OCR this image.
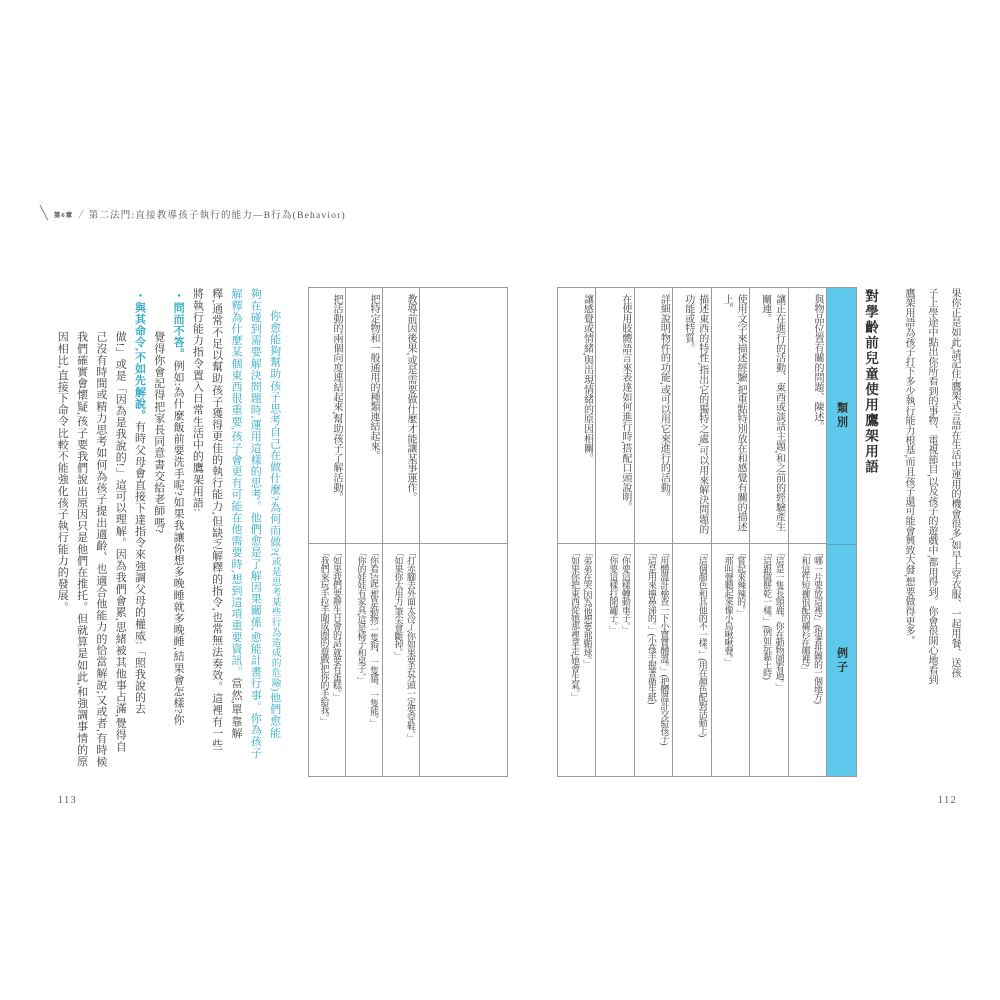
╲ 第6章 / 第二法門:直接教導孩子執行的能力—B行為(Behavior)
果你正是如此,請記住:鷹架式言語在生活中運用的機會很多,如早上穿衣服、一起用餐、送孩
子上學途中點出你所看到的事物、電視節目,以及孩子的遊戲中,都用得到。你會很開心地看到
鷹架用語為孩子打下多少執行能力根基,而且孩子還可能會興致大發,想要做得更多。
對學齡前兒童使用鷹架用語
類別
例子
與物品位置有關的問題、陳述。
「哪一片要放這裡?」(指著拼圖的一個地方)
「和這件短褲很配的襯衫在哪裡?」
讓正在進行的活動、東西或談話主題,和之前的經驗產生關連。
「這是一隻長頸鹿。你在動物園看過。」
「這跟做餅乾一樣。」(例如玩黏土時)
使用文字來描述經驗,把重點特別放在和感覺有關的描述上。
「嘗起來辣辣的。」
「那叫聲聽起來像小鳥啾啾聲。」
描述東西的特性,指出它的獨特之處,可以用來解決問題的功能或特質。
「這個顏色和其他的不一樣。」(用在顏色配對活動上)
詳細說明物件的功能,或可以用它來進行的活動。
「用體溫計檢查一下小寶寶體溫。」(把體溫計交給孩子)
「這是用來擤鼻涕的。」(小孩手握著衛生紙)
在使用肢體語言來表達如何進行時,搭配口頭說明。
「你要這樣轉動車子。」
「你要這樣打開罐子。」
讓感覺或情緒,與出現情緒的原因相關。
「弟弟在哭,因為他想要那顆球。」
「如果你把東西從她那裡拿走,她會生氣。」
112
教導前因後果,或是需要做什麼才能讓某事運作。
「打赤腳去外面太冷了,你如果要去外頭一定要穿鞋。」
「如果你太用力,筆尖會斷掉。」
把特定物和一般通用的種類連結起來。
「你看,這些都是動物:一隻狗、一隻貓、一隻熊。」
「你的娃娃有家具,這是椅子和桌子。」
把活動的兩個向度連結起來,幫助孩子了解活動。
「如果我們要辦生日會的話,就要有蛋糕。」
「我們來玩手拉手圍成圈的遊戲,把你的手給我。」
你愈能夠幫助孩子思考自己在做什麼?為何而做?(或是思考某些行為造成的危險)他們愈能
夠在碰到需要解決問題時,運用這樣的思考。他們愈是了解因果關係,愈能計畫行事。你為孩子
解釋為什麼某個東西很重要,孩子會更有可能在他需要時,想到這項重要資訊。當然,單靠解
釋,通常不足以幫助孩子獲得更佳的執行能力,但缺乏解釋的指令,也常無法奏效。這裡有一些
將執行能力指令置入日常生活中的鷹架用語:
・問而不答。例如:為什麼飯前要洗手呢?如果我讓你想多晚睡就多晚睡,結果會怎樣?你
覺得你會記得把家長同意書交給老師嗎?
・與其命令,不如先解說。有時父母會直接下達指令來強調父母的權威:「照我說的去
做!」或是「因為是我說的!」這可以理解。因為我們會累,思緒被其他事占滿,覺得自
己沒有時間或精力思考如何為孩子提出適齡、也適合他能力的恰當解說;又或者,有時候
我們確實會懷疑,孩子要我們說出原因只是他們在推托。但就算是如此,和強調事情的原
因相比,直接下命令比較不能強化孩子執行能力的發展。
113
